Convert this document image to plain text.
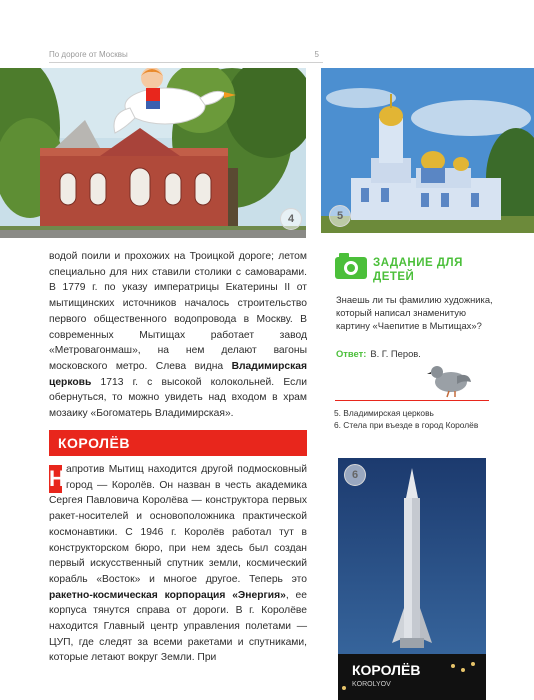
По дороге от Москвы	5
4	5
водой поили и прохожих на Троицкой дороге; летом специально для них ставили столики с самоварами. В 1779 г. по указу императрицы Екатерины II от мытищинских источников началось строительство первого общественного водопровода в Москву. В современных Мытищах работает завод «Метровагонмаш», на нем делают вагоны московского метро. Слева видна Владимирская церковь 1713 г. с высокой колокольней. Если обернуться, то можно увидеть над входом в храм мозаику «Богоматерь Владимирская».
КОРОЛЁВ
Н апротив Мытищ находится другой подмосковный город — Королёв. Он назван в честь академика Сергея Павловича Королёва — конструктора первых ракет-носителей и основоположника практической космонавтики. С 1946 г. Королёв работал тут в конструкторском бюро, при нем здесь был создан первый искусственный спутник земли, космический корабль «Восток» и многое другое. Теперь это ракетно-космическая корпорация «Энергия», ее корпуса тянутся справа от дороги. В г. Королёве находится Главный центр управления полетами — ЦУП, где следят за всеми ракетами и спутниками, которые летают вокруг Земли. При
ЗАДАНИЕ ДЛЯ ДЕТЕЙ
Знаешь ли ты фамилию художника, который написал знаменитую картину «Чаепитие в Мытищах»?
Ответ: В. Г. Перов.
5. Владимирская церковь
6. Стела при въезде в город Королёв
КОРОЛЁВ
KOROLYOV
6
